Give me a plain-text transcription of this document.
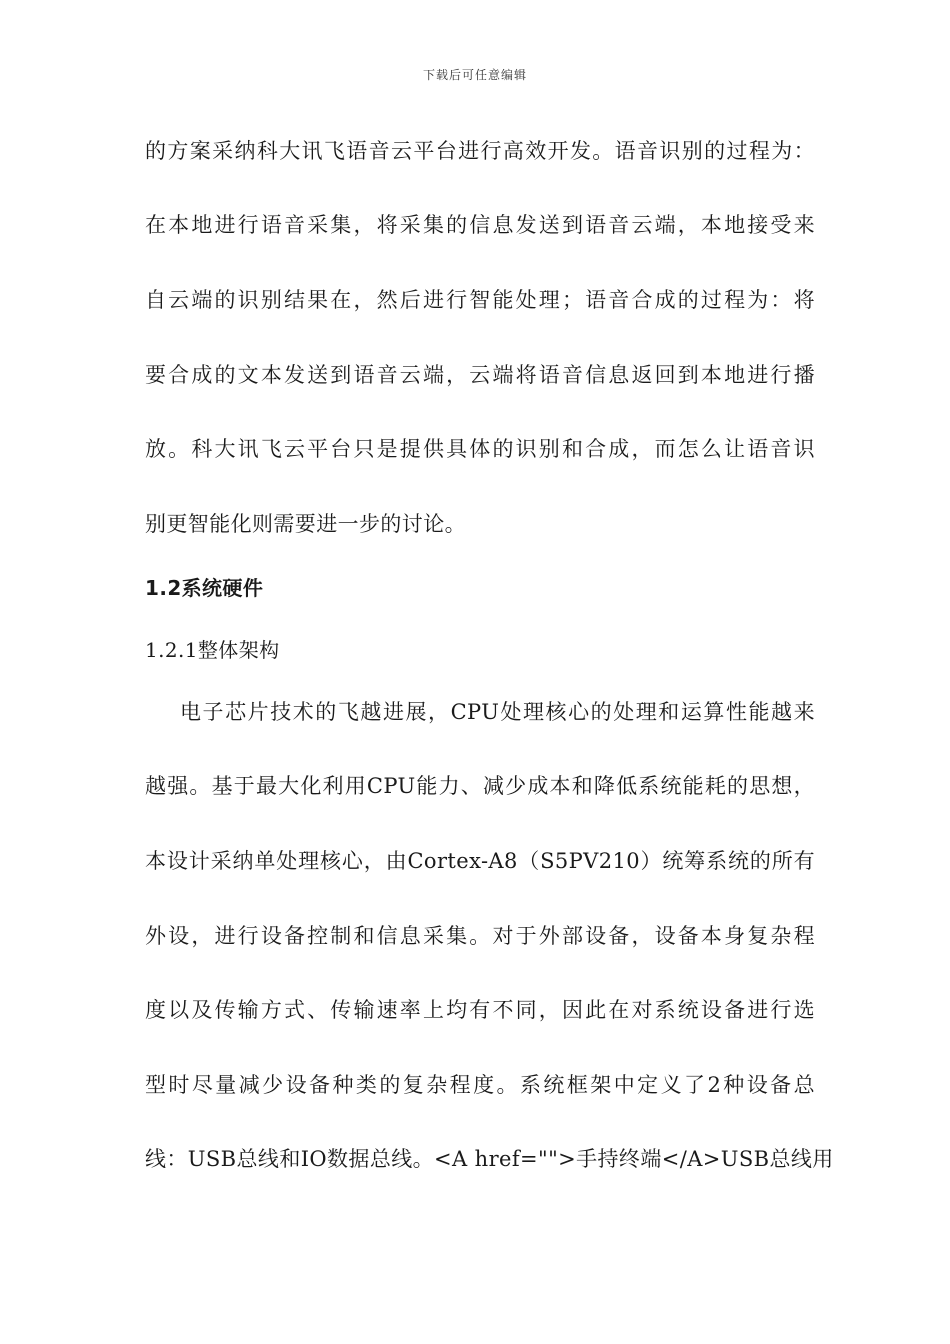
下载后可任意编辑
的方案采纳科大讯飞语音云平台进行高效开发。语音识别的过程为：
在本地进行语音采集，将采集的信息发送到语音云端，本地接受来
自云端的识别结果在，然后进行智能处理；语音合成的过程为：将
要合成的文本发送到语音云端，云端将语音信息返回到本地进行播
放。科大讯飞云平台只是提供具体的识别和合成，而怎么让语音识
别更智能化则需要进一步的讨论。
1.2系统硬件
1.2.1整体架构
电子芯片技术的飞越进展，CPU处理核心的处理和运算性能越来
越强。基于最大化利用CPU能力、减少成本和降低系统能耗的思想，
本设计采纳单处理核心，由Cortex-A8（S5PV210）统筹系统的所有
外设，进行设备控制和信息采集。对于外部设备，设备本身复杂程
度以及传输方式、传输速率上均有不同，因此在对系统设备进行选
型时尽量减少设备种类的复杂程度。系统框架中定义了2种设备总
线：USB总线和IO数据总线。<A href="">手持终端</A>USB总线用
